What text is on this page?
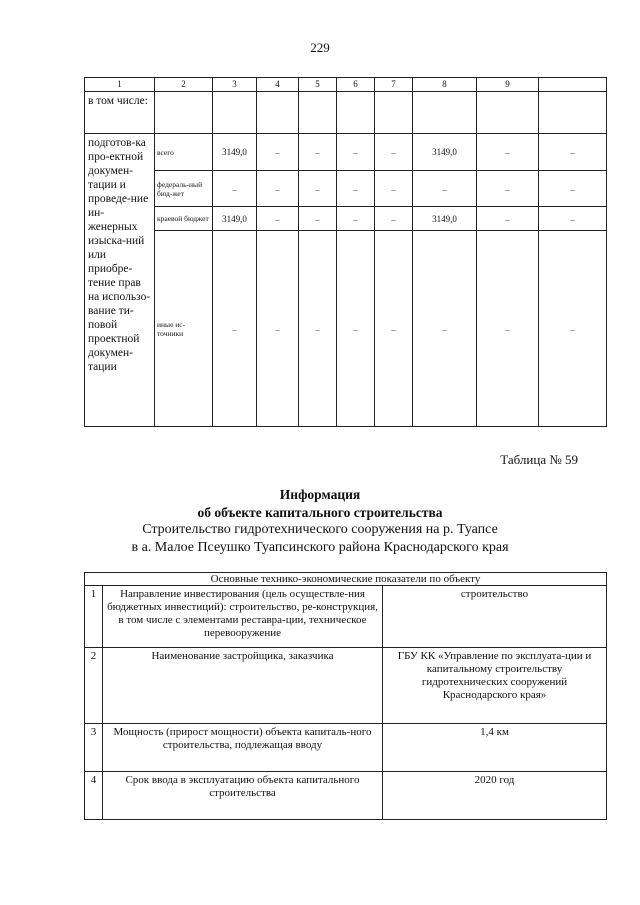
229
1	2	3	4	5	6	7	8	9	
в том числе:									
подготов-ка про-ектной докумен-тации и проведе-ние ин-женерных изыска-ний или приобре-тение прав на использо-вание ти-повой проектной докумен-тации	всего	3149,0	–	–	–	–	3149,0	–	–
	федераль-ный бюд-жет	–	–	–	–	–	–	–	–
	краевой бюджет	3149,0	–	–	–	–	3149,0	–	–
	иные ис-точники	–	–	–	–	–	–	–	–
Таблица № 59
Информация
об объекте капитального строительства
Строительство гидротехнического сооружения на р. Туапсе
в а. Малое Псеушко Туапсинского района Краснодарского края
Основные технико-экономические показатели по объекту		
1	Направление инвестирования (цель осуществле-ния бюджетных инвестиций): строительство, ре-конструкция, в том числе с элементами реставра-ции, техническое перевооружение	строительство
2	Наименование застройщика, заказчика	ГБУ КК «Управление по эксплуата-ции и капитальному строительству гидротехнических сооружений Краснодарского края»
3	Мощность (прирост мощности) объекта капиталь-ного строительства, подлежащая вводу	1,4 км
4	Срок ввода в эксплуатацию объекта капитального строительства	2020 год
